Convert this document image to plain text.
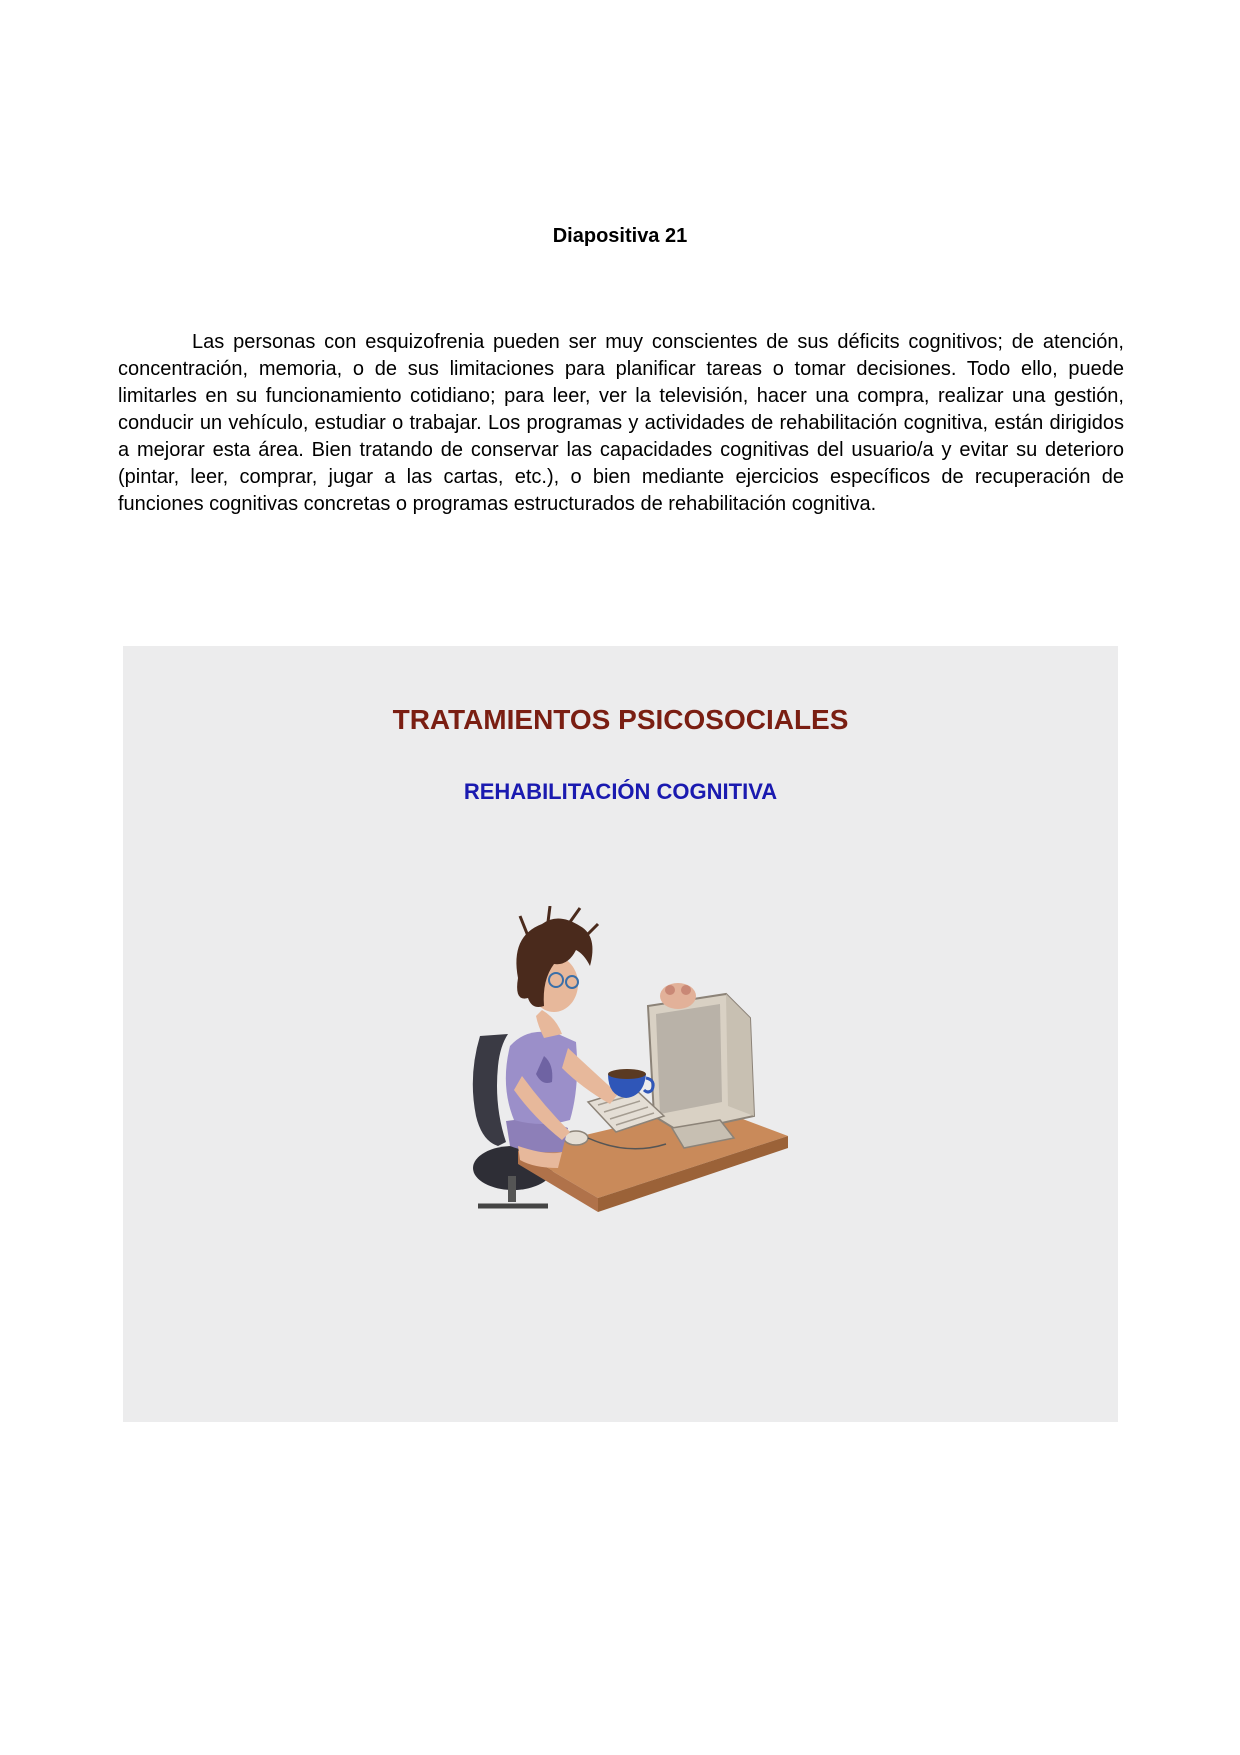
Diapositiva 21

Las personas con esquizofrenia pueden ser muy conscientes de sus déficits cognitivos; de atención, concentración, memoria, o de sus limitaciones para planificar tareas o tomar decisiones. Todo ello, puede limitarles en su funcionamiento cotidiano; para leer, ver la televisión, hacer una compra, realizar una gestión, conducir un vehículo, estudiar o trabajar. Los programas y actividades de rehabilitación cognitiva, están dirigidos a mejorar esta área. Bien tratando de conservar las capacidades cognitivas del usuario/a y evitar su deterioro (pintar, leer, comprar, jugar a las cartas, etc.), o bien mediante ejercicios específicos de recuperación de funciones cognitivas concretas o programas estructurados de rehabilitación cognitiva.

TRATAMIENTOS PSICOSOCIALES
REHABILITACIÓN COGNITIVA
